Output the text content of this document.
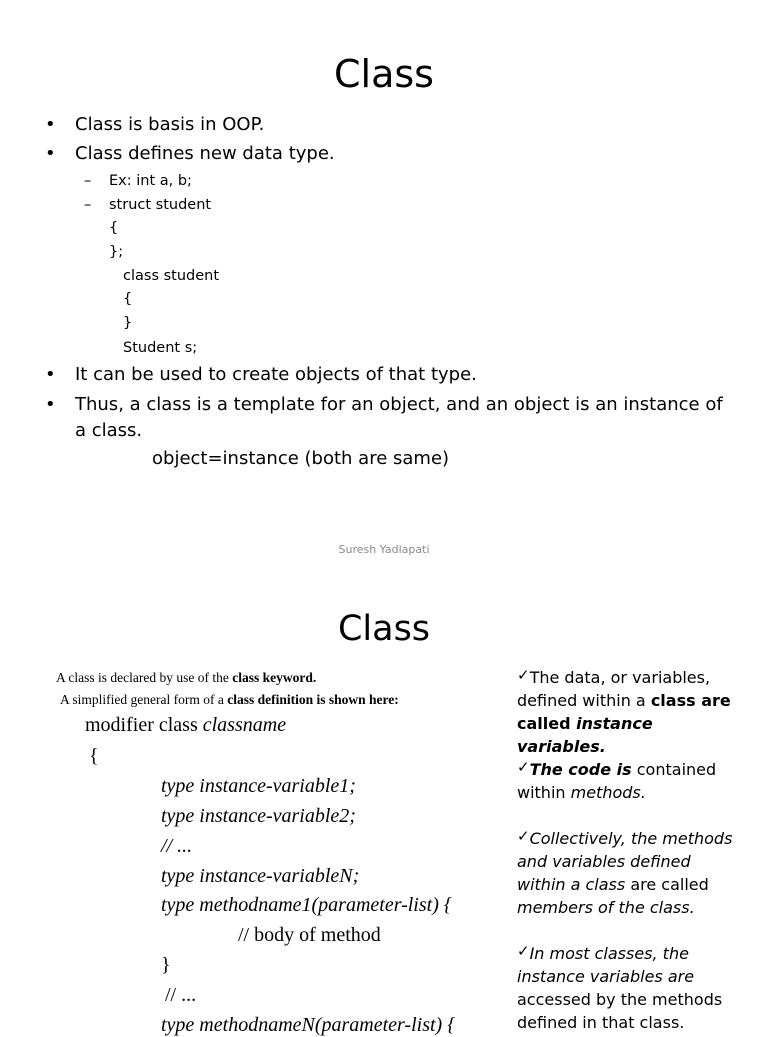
Class
• Class is basis in OOP.
• Class defines new data type.
– Ex: int a, b;
– struct student
{
};
class student
{
}
Student s;
• It can be used to create objects of that type.
• Thus, a class is a template for an object, and an object is an instance of a class.
object=instance (both are same)
Suresh Yadlapati
Class
A class is declared by use of the class keyword.
A simplified general form of a class definition is shown here:
modifier class classname
{
type instance-variable1;
type instance-variable2;
// ...
type instance-variableN;
type methodname1(parameter-list) {
// body of method
}
// ...
type methodnameN(parameter-list) {

✓The data, or variables, defined within a class are called instance variables.

✓The code is contained within methods.

✓Collectively, the methods and variables defined within a class are called members of the class.

✓In most classes, the instance variables are accessed by the methods defined in that class.
